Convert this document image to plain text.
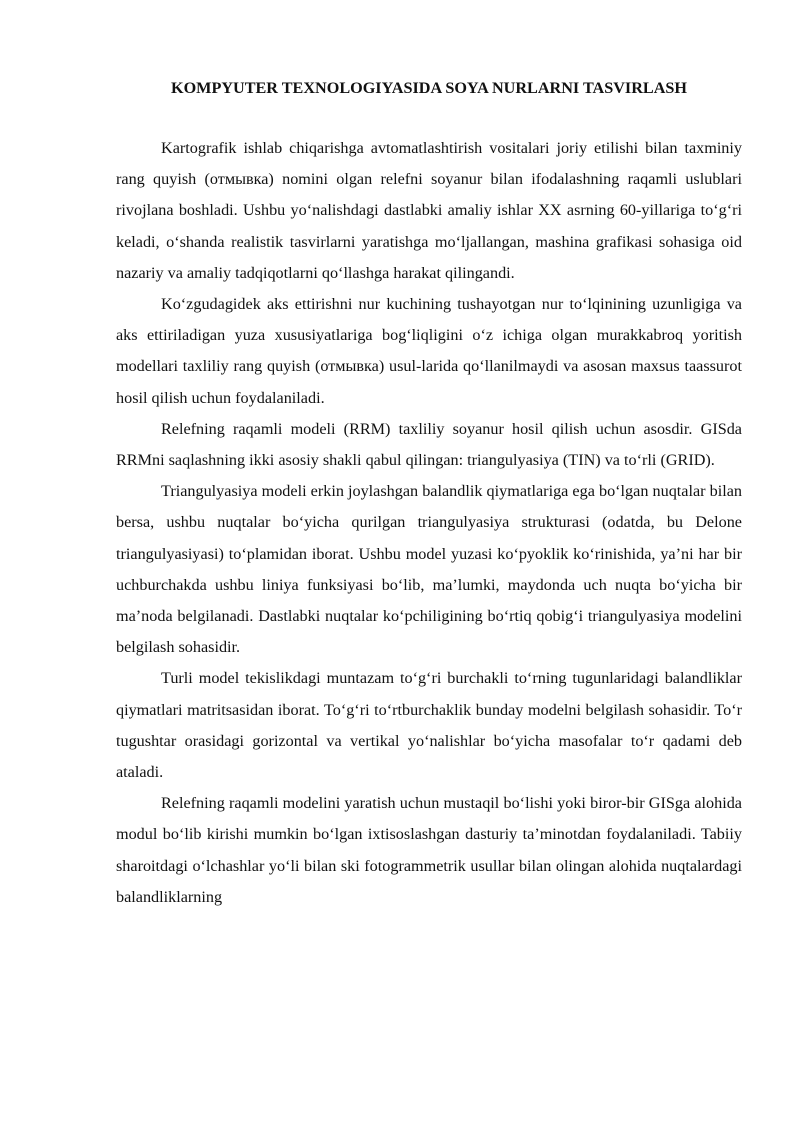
KOMPYUTER TEXNOLOGIYASIDA SOYA NURLARNI TASVIRLASH

Kartografik ishlab chiqarishga avtomatlashtirish vositalari joriy etilishi bilan taxminiy rang quyish (отмывка) nomini olgan relefni soyanur bilan ifodalashning raqamli uslublari rivojlana boshladi. Ushbu yo‘nalishdagi dastlabki amaliy ishlar XX asrning 60-yillariga to‘g‘ri keladi, o‘shanda realistik tasvirlarni yaratishga mo‘ljallangan, mashina grafikasi sohasiga oid nazariy va amaliy tadqiqotlarni qo‘llashga harakat qilingandi.

Ko‘zgudagidek aks ettirishni nur kuchining tushayotgan nur to‘lqinining uzunligiga va aks ettiriladigan yuza xususiyatlariga bog‘liqligini o‘z ichiga olgan murakkabroq yoritish modellari taxliliy rang quyish (отмывка) usul-larida qo‘llanilmaydi va asosan maxsus taassurot hosil qilish uchun foydalaniladi.

Relefning raqamli modeli (RRM) taxliliy soyanur hosil qilish uchun asosdir. GISda RRMni saqlashning ikki asosiy shakli qabul qilingan: triangulyasiya (TIN) va to‘rli (GRID).

Triangulyasiya modeli erkin joylashgan balandlik qiymatlariga ega bo‘lgan nuqtalar bilan bersa, ushbu nuqtalar bo‘yicha qurilgan triangulyasiya strukturasi (odatda, bu Delone triangulyasiyasi) to‘plamidan iborat. Ushbu model yuzasi ko‘pyoklik ko‘rinishida, ya’ni har bir uchburchakda ushbu liniya funksiyasi bo‘lib, ma’lumki, maydonda uch nuqta bo‘yicha bir ma’noda belgilanadi. Dastlabki nuqtalar ko‘pchiligining bo‘rtiq qobig‘i triangulyasiya modelini belgilash sohasidir.

Turli model tekislikdagi muntazam to‘g‘ri burchakli to‘rning tugunlaridagi balandliklar qiymatlari matritsasidan iborat. To‘g‘ri to‘rtburchaklik bunday modelni belgilash sohasidir. To‘r tugushtar orasidagi gorizontal va vertikal yo‘nalishlar bo‘yicha masofalar to‘r qadami deb ataladi.

Relefning raqamli modelini yaratish uchun mustaqil bo‘lishi yoki biror-bir GISga alohida modul bo‘lib kirishi mumkin bo‘lgan ixtisoslashgan dasturiy ta’minotdan foydalaniladi. Tabiiy sharoitdagi o‘lchashlar yo‘li bilan ski fotogrammetrik usullar bilan olingan alohida nuqtalardagi balandliklarning
